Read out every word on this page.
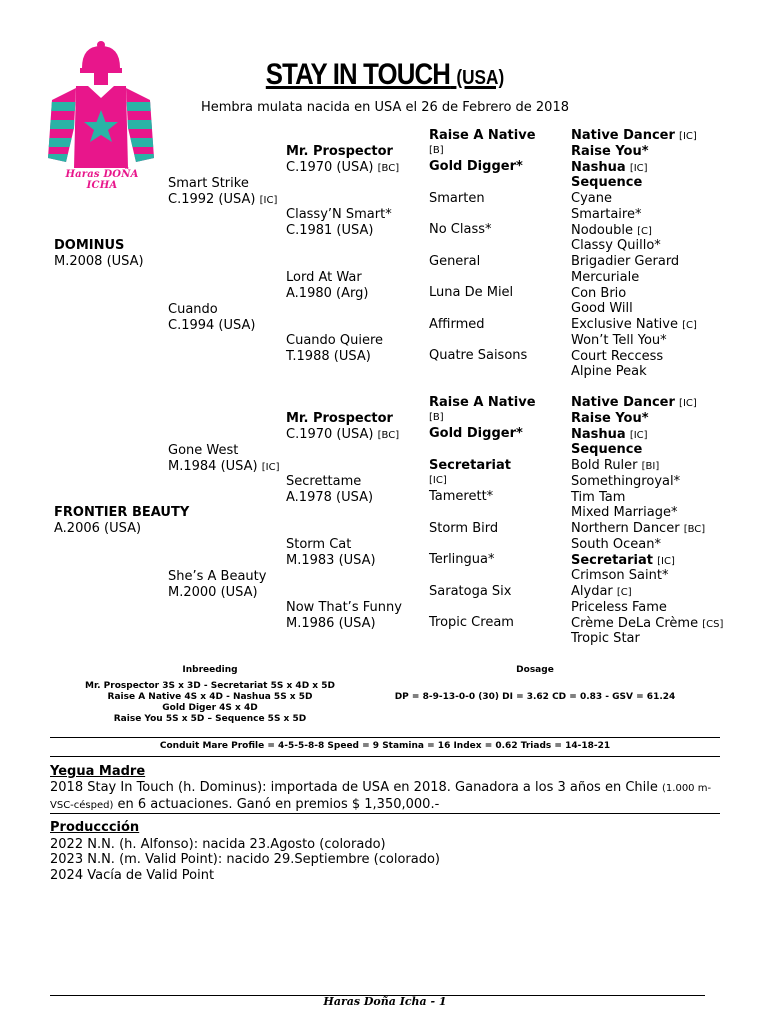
STAY IN TOUCH (USA)
Hembra mulata nacida en USA el 26 de Febrero de 2018
Haras DOÑA ICHA
DOMINUS
M.2008 (USA)
FRONTIER BEAUTY
A.2006 (USA)
Smart Strike
C.1992 (USA) [IC]
Cuando
C.1994 (USA)
Gone West
M.1984 (USA) [IC]
She’s A Beauty
M.2000 (USA)
Mr. Prospector
C.1970 (USA) [BC]
Classy’N Smart*
C.1981 (USA)
Lord At War
A.1980 (Arg)
Cuando Quiere
T.1988 (USA)
Mr. Prospector
C.1970 (USA) [BC]
Secrettame
A.1978 (USA)
Storm Cat
M.1983 (USA)
Now That’s Funny
M.1986 (USA)
Raise A Native
[B]
Gold Digger*
Smarten
No Class*
General
Luna De Miel
Affirmed
Quatre Saisons
Raise A Native
[B]
Gold Digger*
Secretariat
[IC]
Tamerett*
Storm Bird
Terlingua*
Saratoga Six
Tropic Cream
Native Dancer [IC]
Raise You*
Nashua [IC]
Sequence
Cyane
Smartaire*
Nodouble [C]
Classy Quillo*
Brigadier Gerard
Mercuriale
Con Brio
Good Will
Exclusive Native [C]
Won’t Tell You*
Court Reccess
Alpine Peak
Native Dancer [IC]
Raise You*
Nashua [IC]
Sequence
Bold Ruler [BI]
Somethingroyal*
Tim Tam
Mixed Marriage*
Northern Dancer [BC]
South Ocean*
Secretariat [IC]
Crimson Saint*
Alydar [C]
Priceless Fame
Crème DeLa Crème [CS]
Tropic Star
Inbreeding
Mr. Prospector 3S x 3D - Secretariat 5S x 4D x 5D
Raise A Native 4S x 4D - Nashua 5S x 5D
Gold Diger 4S x 4D
Raise You 5S x 5D – Sequence 5S x 5D
Dosage
DP = 8-9-13-0-0 (30) DI = 3.62 CD = 0.83 - GSV = 61.24
Conduit Mare Profile = 4-5-5-8-8 Speed = 9 Stamina = 16 Index = 0.62 Triads = 14-18-21
Yegua Madre
2018 Stay In Touch (h. Dominus): importada de USA en 2018. Ganadora a los 3 años en Chile (1.000 m-VSC-césped) en 6 actuaciones. Ganó en premios $ 1,350,000.-
Produccción
2022 N.N. (h. Alfonso): nacida 23.Agosto (colorado)
2023 N.N. (m. Valid Point): nacido 29.Septiembre (colorado)
2024 Vacía de Valid Point
Haras Doña Icha - 1
